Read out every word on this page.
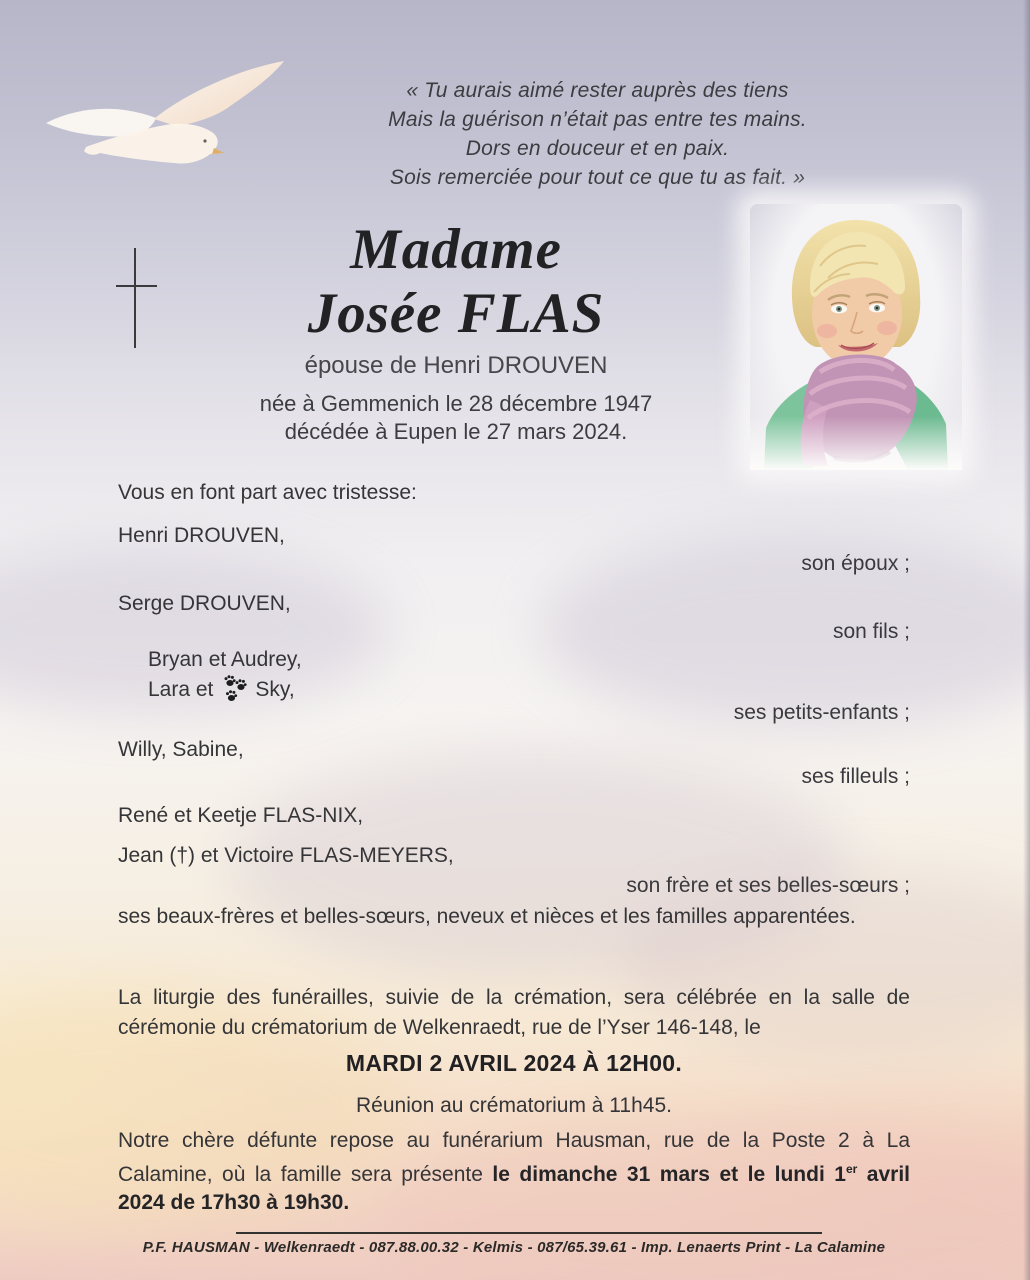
« Tu aurais aimé rester auprès des tiens
Mais la guérison n’était pas entre tes mains.
Dors en douceur et en paix.
Sois remerciée pour tout ce que tu as fait. »
Madame
Josée FLAS
épouse de Henri DROUVEN
née à Gemmenich le 28 décembre 1947
décédée à Eupen le 27 mars 2024.
Vous en font part avec tristesse:
Henri DROUVEN,
son époux ;
Serge DROUVEN,
son fils ;
Bryan et Audrey,
Lara et Sky,
ses petits-enfants ;
Willy, Sabine,
ses filleuls ;
René et Keetje FLAS-NIX,
Jean (†) et Victoire FLAS-MEYERS,
son frère et ses belles-sœurs ;
ses beaux-frères et belles-sœurs, neveux et nièces et les familles apparentées.
La liturgie des funérailles, suivie de la crémation, sera célébrée en la salle de cérémonie du crématorium de Welkenraedt, rue de l’Yser 146-148, le
MARDI 2 AVRIL 2024 À 12H00.
Réunion au crématorium à 11h45.
Notre chère défunte repose au funérarium Hausman, rue de la Poste 2 à La Calamine, où la famille sera présente le dimanche 31 mars et le lundi 1er avril 2024 de 17h30 à 19h30.
P.F. HAUSMAN - Welkenraedt - 087.88.00.32 - Kelmis - 087/65.39.61 - Imp. Lenaerts Print - La Calamine
